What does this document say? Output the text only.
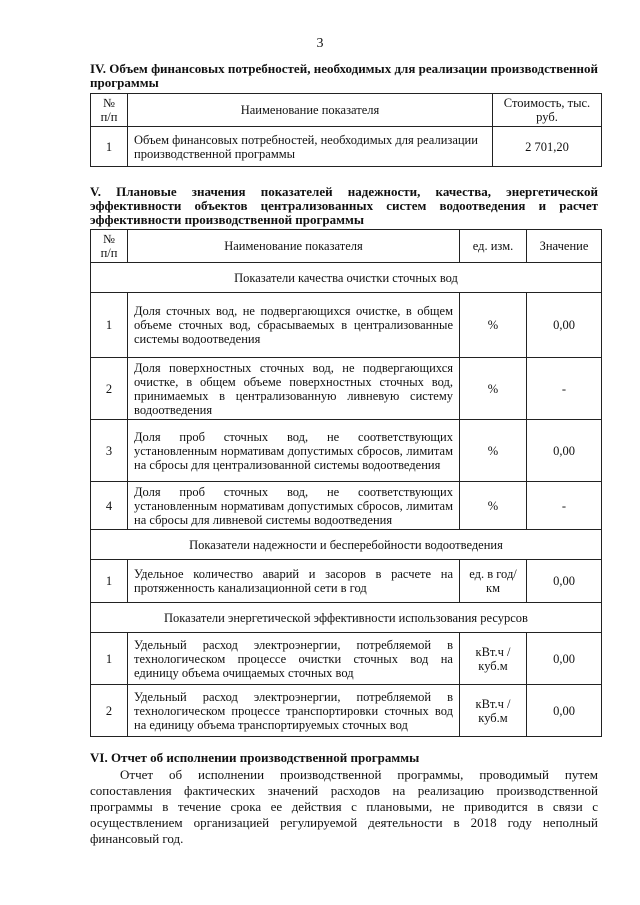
3
IV. Объем финансовых потребностей, необходимых для реализации производственной программы
№ п/п	Наименование показателя	Стоимость, тыс. руб.
1	Объем финансовых потребностей, необходимых для реализации производственной программы	2 701,20
V. Плановые значения показателей надежности, качества, энергетической эффективности объектов централизованных систем водоотведения и расчет эффективности производственной программы
№ п/п	Наименование показателя	ед. изм.	Значение
Показатели качества очистки сточных вод			
1	Доля сточных вод, не подвергающихся очистке, в общем объеме сточных вод, сбрасываемых в централизованные системы водоотведения	%	0,00
2	Доля поверхностных сточных вод, не подвергающихся очистке, в общем объеме поверхностных сточных вод, принимаемых в централизованную ливневую систему водоотведения	%	-
3	Доля проб сточных вод, не соответствующих установленным нормативам допустимых сбросов, лимитам на сбросы для централизованной системы водоотведения	%	0,00
4	Доля проб сточных вод, не соответствующих установленным нормативам допустимых сбросов, лимитам на сбросы для ливневой системы водоотведения	%	-
Показатели надежности и бесперебойности водоотведения			
1	Удельное количество аварий и засоров в расчете на протяженность канализационной сети в год	ед. в год/ км	0,00
Показатели энергетической эффективности использования ресурсов			
1	Удельный расход электроэнергии, потребляемой в технологическом процессе очистки сточных вод на единицу объема очищаемых сточных вод	кВт.ч / куб.м	0,00
2	Удельный расход электроэнергии, потребляемой в технологическом процессе транспортировки сточных вод на единицу объема транспортируемых сточных вод	кВт.ч / куб.м	0,00
VI. Отчет об исполнении производственной программы
Отчет об исполнении производственной программы, проводимый путем сопоставления фактических значений расходов на реализацию производственной программы в течение срока ее действия с плановыми, не приводится в связи с осуществлением организацией регулируемой деятельности в 2018 году неполный финансовый год.
